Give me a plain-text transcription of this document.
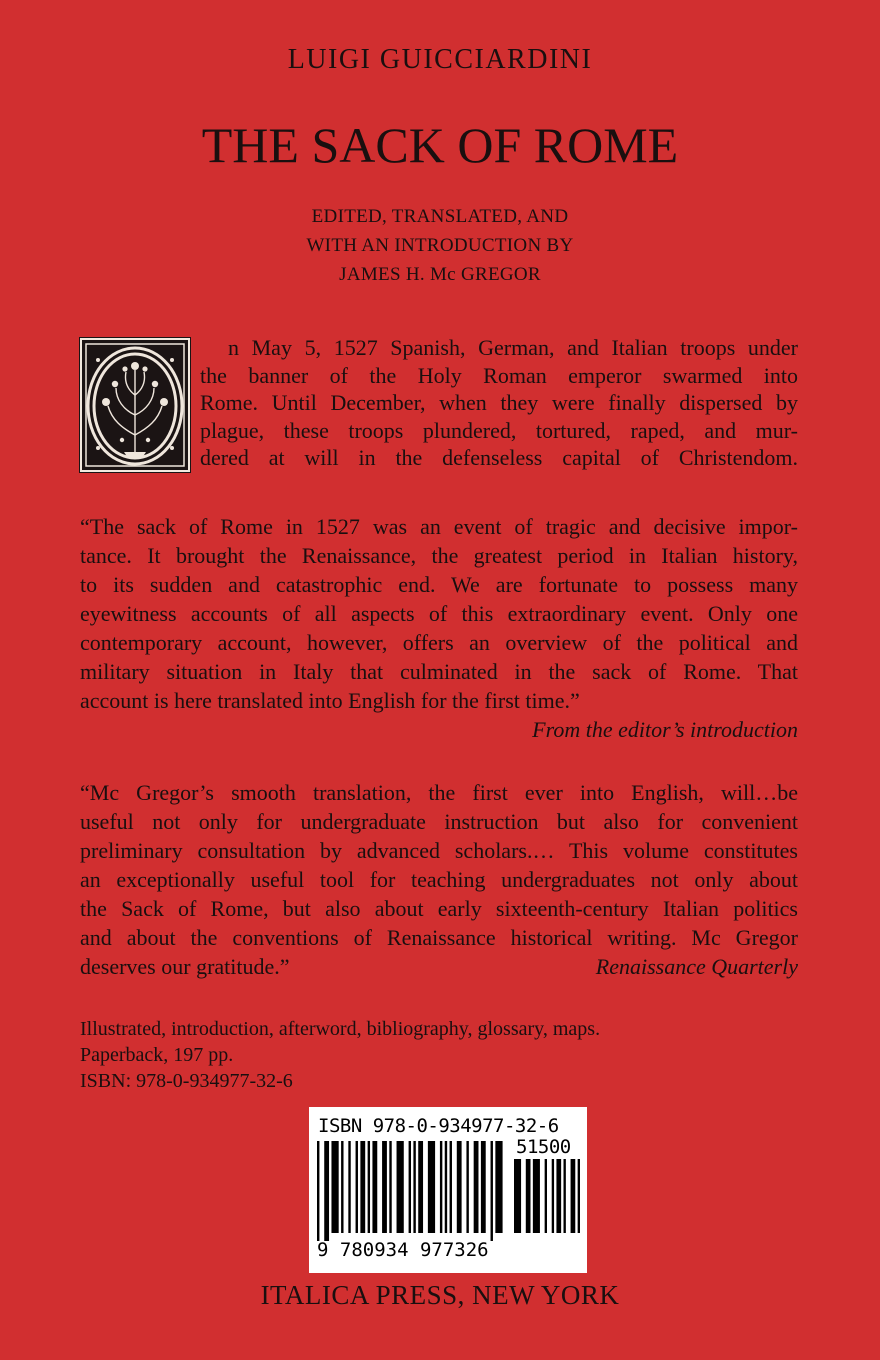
LUIGI GUICCIARDINI
THE SACK OF ROME
EDITED, TRANSLATED, AND
WITH AN INTRODUCTION BY
JAMES H. Mc GREGOR
n May 5, 1527 Spanish, German, and Italian troops under
the banner of the Holy Roman emperor swarmed into
Rome. Until December, when they were finally dispersed by
plague, these troops plundered, tortured, raped, and mur-
dered at will in the defenseless capital of Christendom.
“The sack of Rome in 1527 was an event of tragic and decisive impor-
tance. It brought the Renaissance, the greatest period in Italian history,
to its sudden and catastrophic end. We are fortunate to possess many
eyewitness accounts of all aspects of this extraordinary event. Only one
contemporary account, however, offers an overview of the political and
military situation in Italy that culminated in the sack of Rome. That
account is here translated into English for the first time.”
From the editor’s introduction
“Mc Gregor’s smooth translation, the first ever into English, will…be
useful not only for undergraduate instruction but also for convenient
preliminary consultation by advanced scholars.… This volume constitutes
an exceptionally useful tool for teaching undergraduates not only about
the Sack of Rome, but also about early sixteenth-century Italian politics
and about the conventions of Renaissance historical writing. Mc Gregor
deserves our gratitude.”	Renaissance Quarterly
Illustrated, introduction, afterword, bibliography, glossary, maps.
Paperback, 197 pp.
ISBN: 978-0-934977-32-6
ISBN 978-0-934977-32-6
51500
9 780934 977326
ITALICA PRESS, NEW YORK
